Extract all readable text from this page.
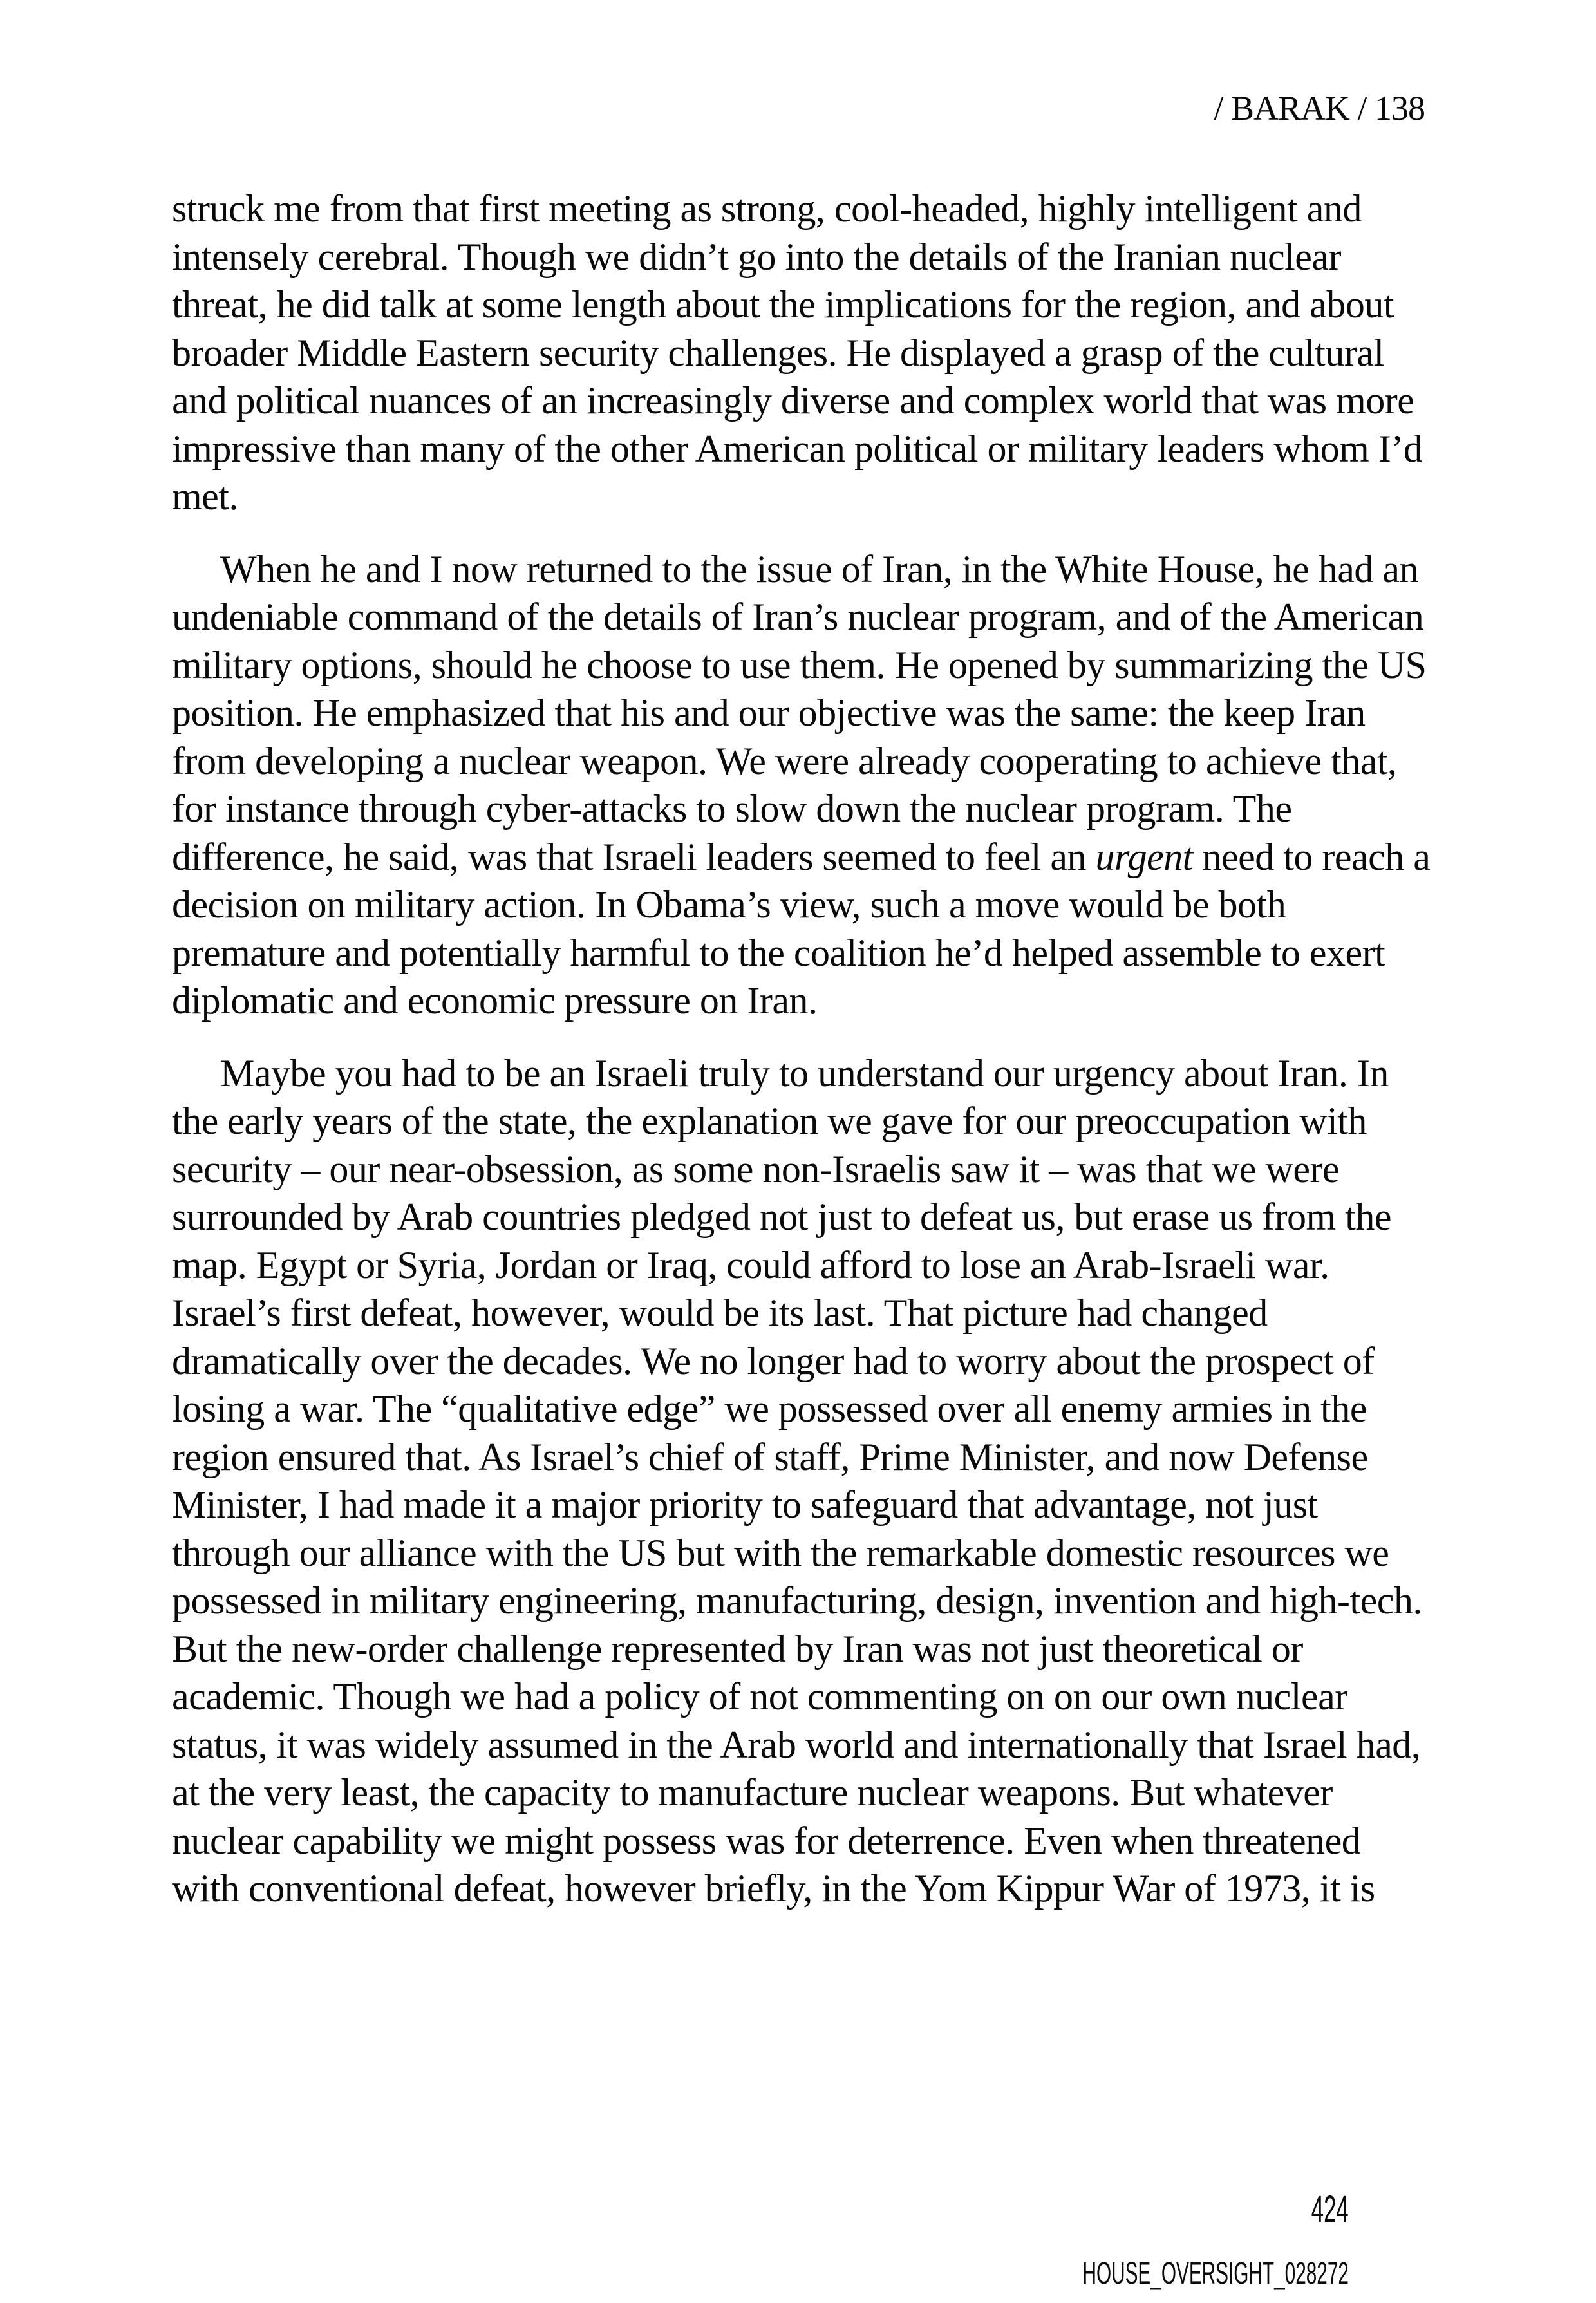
/ BARAK / 138
struck me from that first meeting as strong, cool-headed, highly intelligent and
intensely cerebral. Though we didn’t go into the details of the Iranian nuclear
threat, he did talk at some length about the implications for the region, and about
broader Middle Eastern security challenges. He displayed a grasp of the cultural
and political nuances of an increasingly diverse and complex world that was more
impressive than many of the other American political or military leaders whom I’d
met.
When he and I now returned to the issue of Iran, in the White House, he had an
undeniable command of the details of Iran’s nuclear program, and of the American
military options, should he choose to use them. He opened by summarizing the US
position. He emphasized that his and our objective was the same: the keep Iran
from developing a nuclear weapon. We were already cooperating to achieve that,
for instance through cyber-attacks to slow down the nuclear program. The
difference, he said, was that Israeli leaders seemed to feel an urgent need to reach a
decision on military action. In Obama’s view, such a move would be both
premature and potentially harmful to the coalition he’d helped assemble to exert
diplomatic and economic pressure on Iran.
Maybe you had to be an Israeli truly to understand our urgency about Iran. In
the early years of the state, the explanation we gave for our preoccupation with
security – our near-obsession, as some non-Israelis saw it – was that we were
surrounded by Arab countries pledged not just to defeat us, but erase us from the
map. Egypt or Syria, Jordan or Iraq, could afford to lose an Arab-Israeli war.
Israel’s first defeat, however, would be its last. That picture had changed
dramatically over the decades. We no longer had to worry about the prospect of
losing a war. The “qualitative edge” we possessed over all enemy armies in the
region ensured that. As Israel’s chief of staff, Prime Minister, and now Defense
Minister, I had made it a major priority to safeguard that advantage, not just
through our alliance with the US but with the remarkable domestic resources we
possessed in military engineering, manufacturing, design, invention and high-tech.
But the new-order challenge represented by Iran was not just theoretical or
academic. Though we had a policy of not commenting on on our own nuclear
status, it was widely assumed in the Arab world and internationally that Israel had,
at the very least, the capacity to manufacture nuclear weapons. But whatever
nuclear capability we might possess was for deterrence. Even when threatened
with conventional defeat, however briefly, in the Yom Kippur War of 1973, it is
424
HOUSE_OVERSIGHT_028272
